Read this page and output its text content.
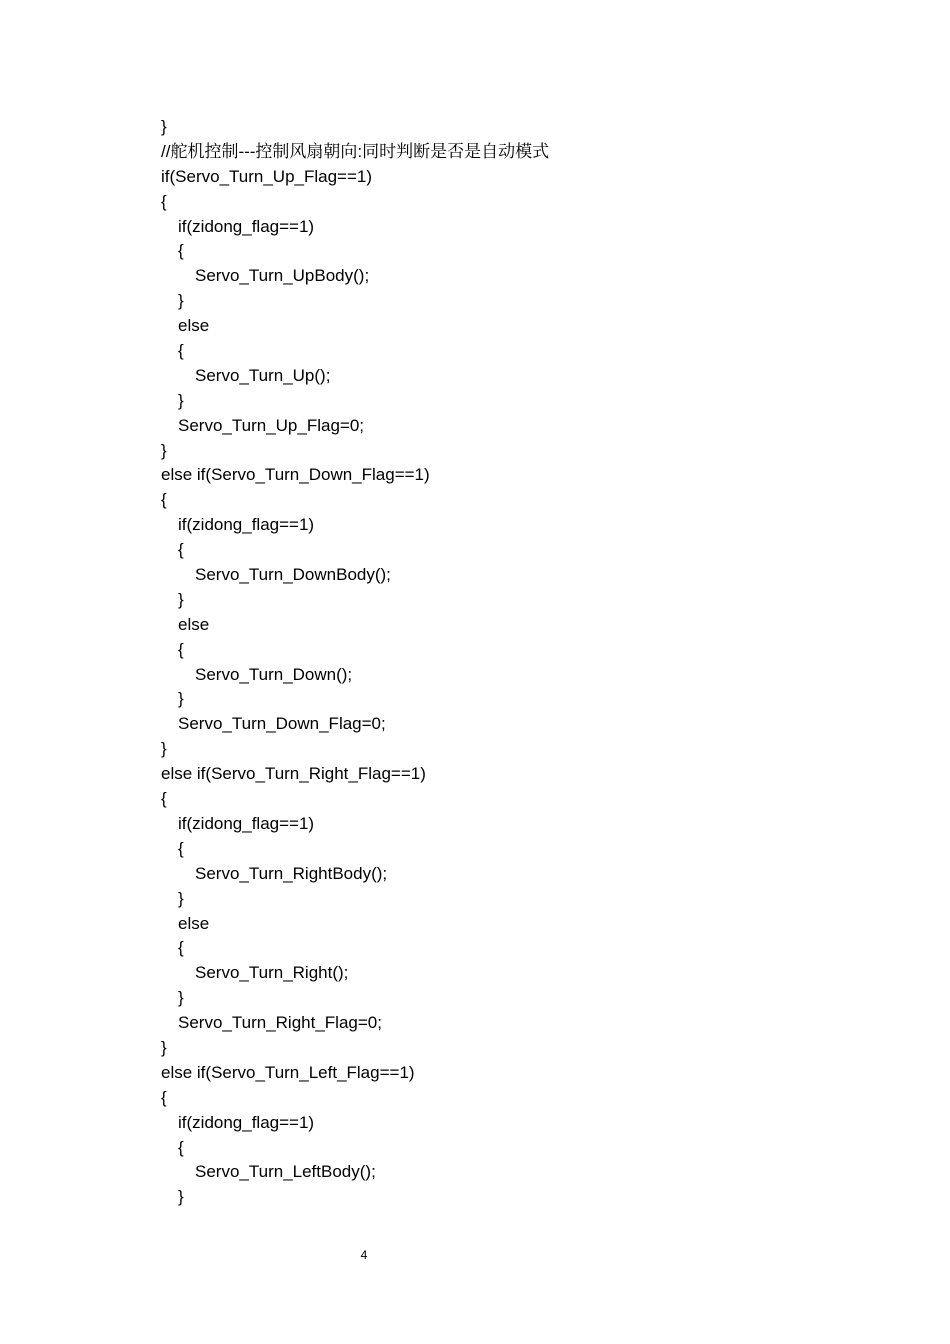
}
//舵机控制---控制风扇朝向:同时判断是否是自动模式
if(Servo_Turn_Up_Flag==1)
{
if(zidong_flag==1)
{
Servo_Turn_UpBody();
}
else
{
Servo_Turn_Up();
}
Servo_Turn_Up_Flag=0;
}
else if(Servo_Turn_Down_Flag==1)
{
if(zidong_flag==1)
{
Servo_Turn_DownBody();
}
else
{
Servo_Turn_Down();
}
Servo_Turn_Down_Flag=0;
}
else if(Servo_Turn_Right_Flag==1)
{
if(zidong_flag==1)
{
Servo_Turn_RightBody();
}
else
{
Servo_Turn_Right();
}
Servo_Turn_Right_Flag=0;
}
else if(Servo_Turn_Left_Flag==1)
{
if(zidong_flag==1)
{
Servo_Turn_LeftBody();
}
4
